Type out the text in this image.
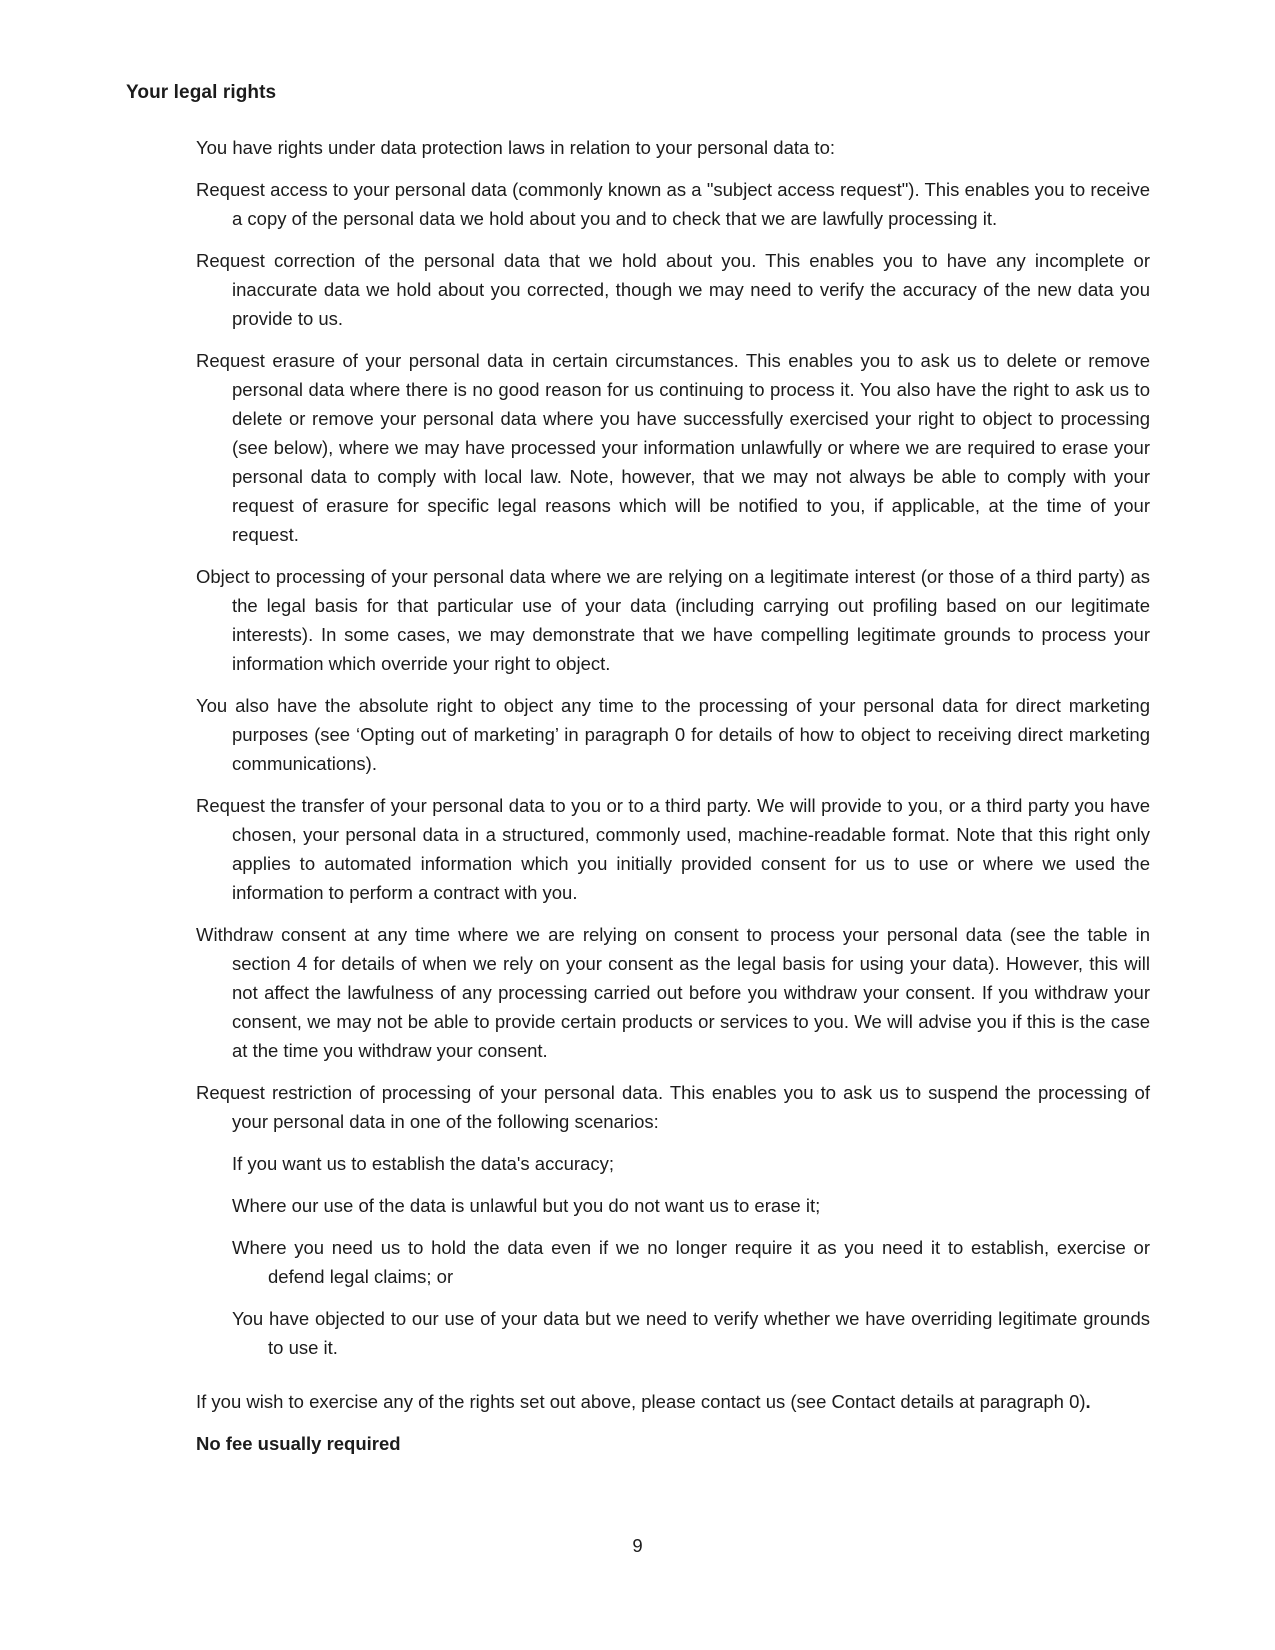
Your legal rights

You have rights under data protection laws in relation to your personal data to:

Request access to your personal data (commonly known as a "subject access request"). This enables you to receive a copy of the personal data we hold about you and to check that we are lawfully processing it.

Request correction of the personal data that we hold about you. This enables you to have any incomplete or inaccurate data we hold about you corrected, though we may need to verify the accuracy of the new data you provide to us.

Request erasure of your personal data in certain circumstances. This enables you to ask us to delete or remove personal data where there is no good reason for us continuing to process it. You also have the right to ask us to delete or remove your personal data where you have successfully exercised your right to object to processing (see below), where we may have processed your information unlawfully or where we are required to erase your personal data to comply with local law. Note, however, that we may not always be able to comply with your request of erasure for specific legal reasons which will be notified to you, if applicable, at the time of your request.

Object to processing of your personal data where we are relying on a legitimate interest (or those of a third party) as the legal basis for that particular use of your data (including carrying out profiling based on our legitimate interests). In some cases, we may demonstrate that we have compelling legitimate grounds to process your information which override your right to object.

You also have the absolute right to object any time to the processing of your personal data for direct marketing purposes (see ‘Opting out of marketing’ in paragraph 0 for details of how to object to receiving direct marketing communications).

Request the transfer of your personal data to you or to a third party. We will provide to you, or a third party you have chosen, your personal data in a structured, commonly used, machine-readable format. Note that this right only applies to automated information which you initially provided consent for us to use or where we used the information to perform a contract with you.

Withdraw consent at any time where we are relying on consent to process your personal data (see the table in section 4 for details of when we rely on your consent as the legal basis for using your data). However, this will not affect the lawfulness of any processing carried out before you withdraw your consent. If you withdraw your consent, we may not be able to provide certain products or services to you. We will advise you if this is the case at the time you withdraw your consent.

Request restriction of processing of your personal data. This enables you to ask us to suspend the processing of your personal data in one of the following scenarios:

If you want us to establish the data's accuracy;

Where our use of the data is unlawful but you do not want us to erase it;

Where you need us to hold the data even if we no longer require it as you need it to establish, exercise or defend legal claims; or

You have objected to our use of your data but we need to verify whether we have overriding legitimate grounds to use it.

If you wish to exercise any of the rights set out above, please contact us (see Contact details at paragraph 0).

No fee usually required

9
